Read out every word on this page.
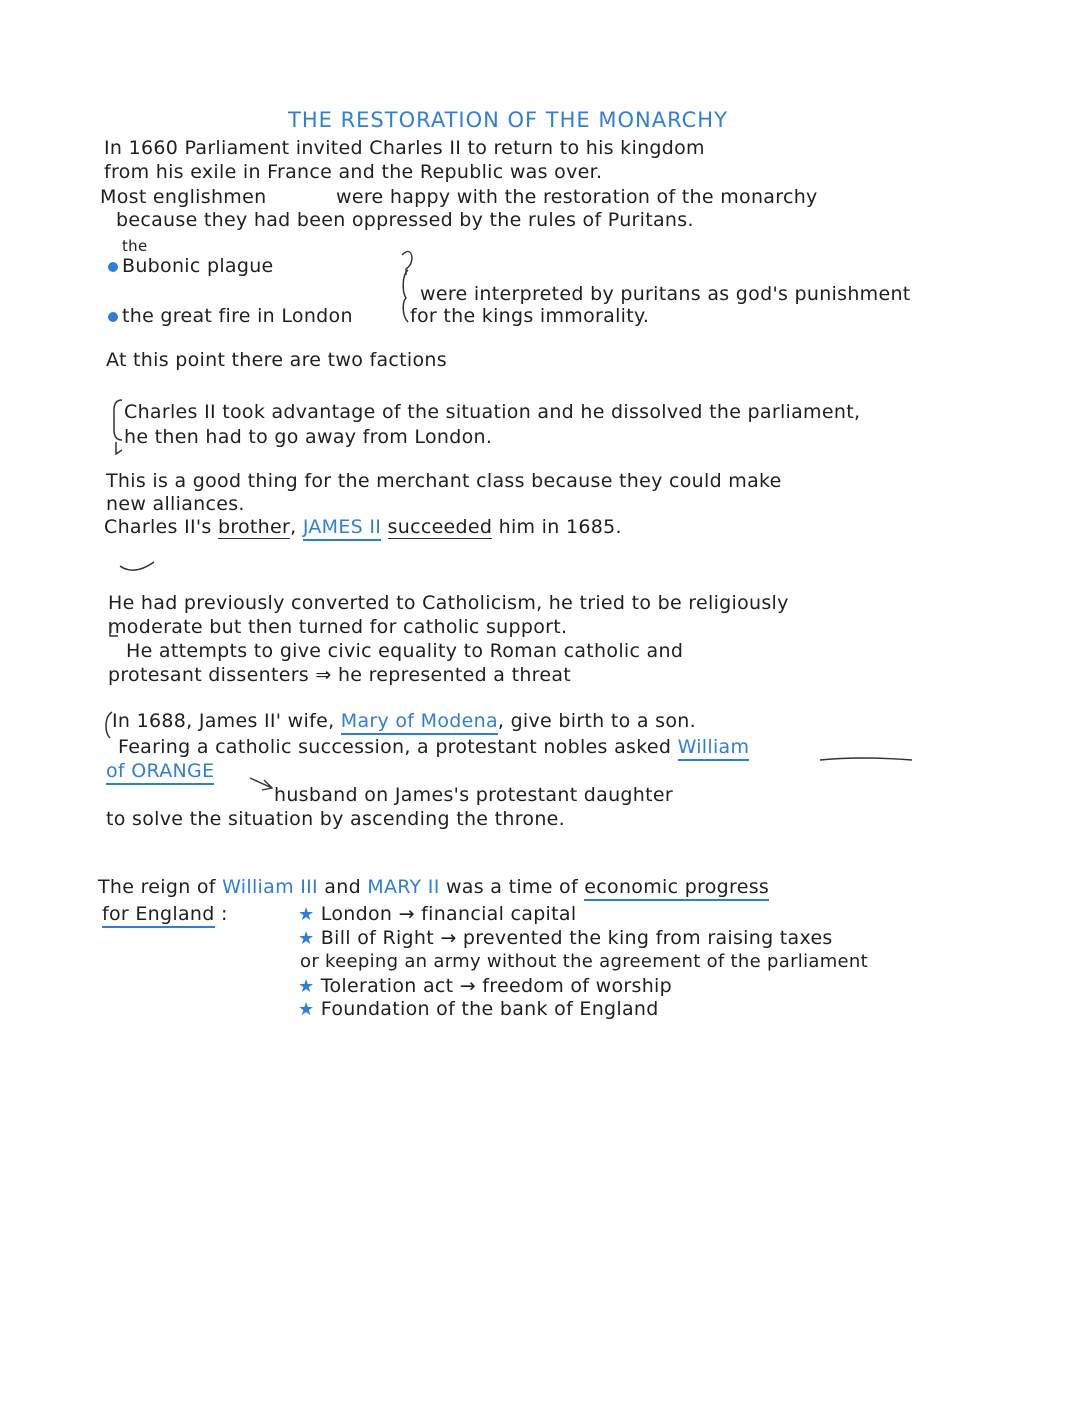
THE RESTORATION OF THE MONARCHY
In 1660 Parliament invited Charles II to return to his kingdom
from his exile in France and the Republic was over.
Most englishmen	were happy with the restoration of the monarchy
because they had been oppressed by the rules of Puritans.
the
Bubonic plague
were interpreted by puritans as god's punishment
the great fire in London	for the kings immorality.
At this point there are two factions
Charles II took advantage of the situation and he dissolved the parliament,
he then had to go away from London.
This is a good thing for the merchant class because they could make
new alliances.
Charles II's brother, JAMES II succeeded him in 1685.
He had previously converted to Catholicism, he tried to be religiously
moderate but then turned for catholic support.
He attempts to give civic equality to Roman catholic and
protesant dissenters ⇒ he represented a threat
In 1688, James II' wife, Mary of Modena, give birth to a son.
Fearing a catholic succession, a protestant nobles asked William
of ORANGE
husband on James's protestant daughter
to solve the situation by ascending the throne.
The reign of William III and MARY II was a time of economic progress
for England :	★ London → financial capital
★ Bill of Right → prevented the king from raising taxes
or keeping an army without the agreement of the parliament
★ Toleration act → freedom of worship
★ Foundation of the bank of England
